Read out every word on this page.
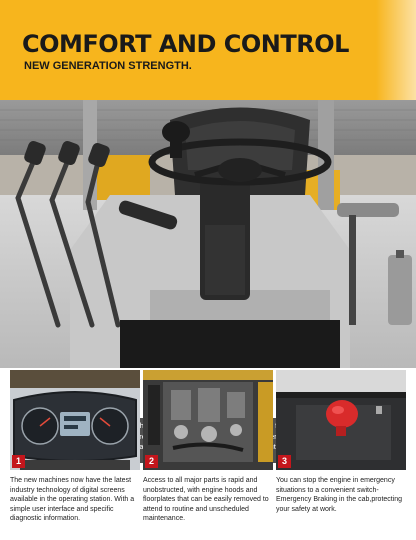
COMFORT AND CONTROL
NEW GENERATION STRENGTH.
steering
1	2	3
The new machines now have the latest industry technology of digital screens available in the operating station. With a simple user interface and specific diagnostic information.
Access to all major parts is rapid and unobstructed, with engine hoods and floorplates that can be easily removed to attend to routine and unscheduled maintenance.
You can stop the engine in emergency situations to a convenient switch-Emergency Braking in the cab,protecting your safety at work.
